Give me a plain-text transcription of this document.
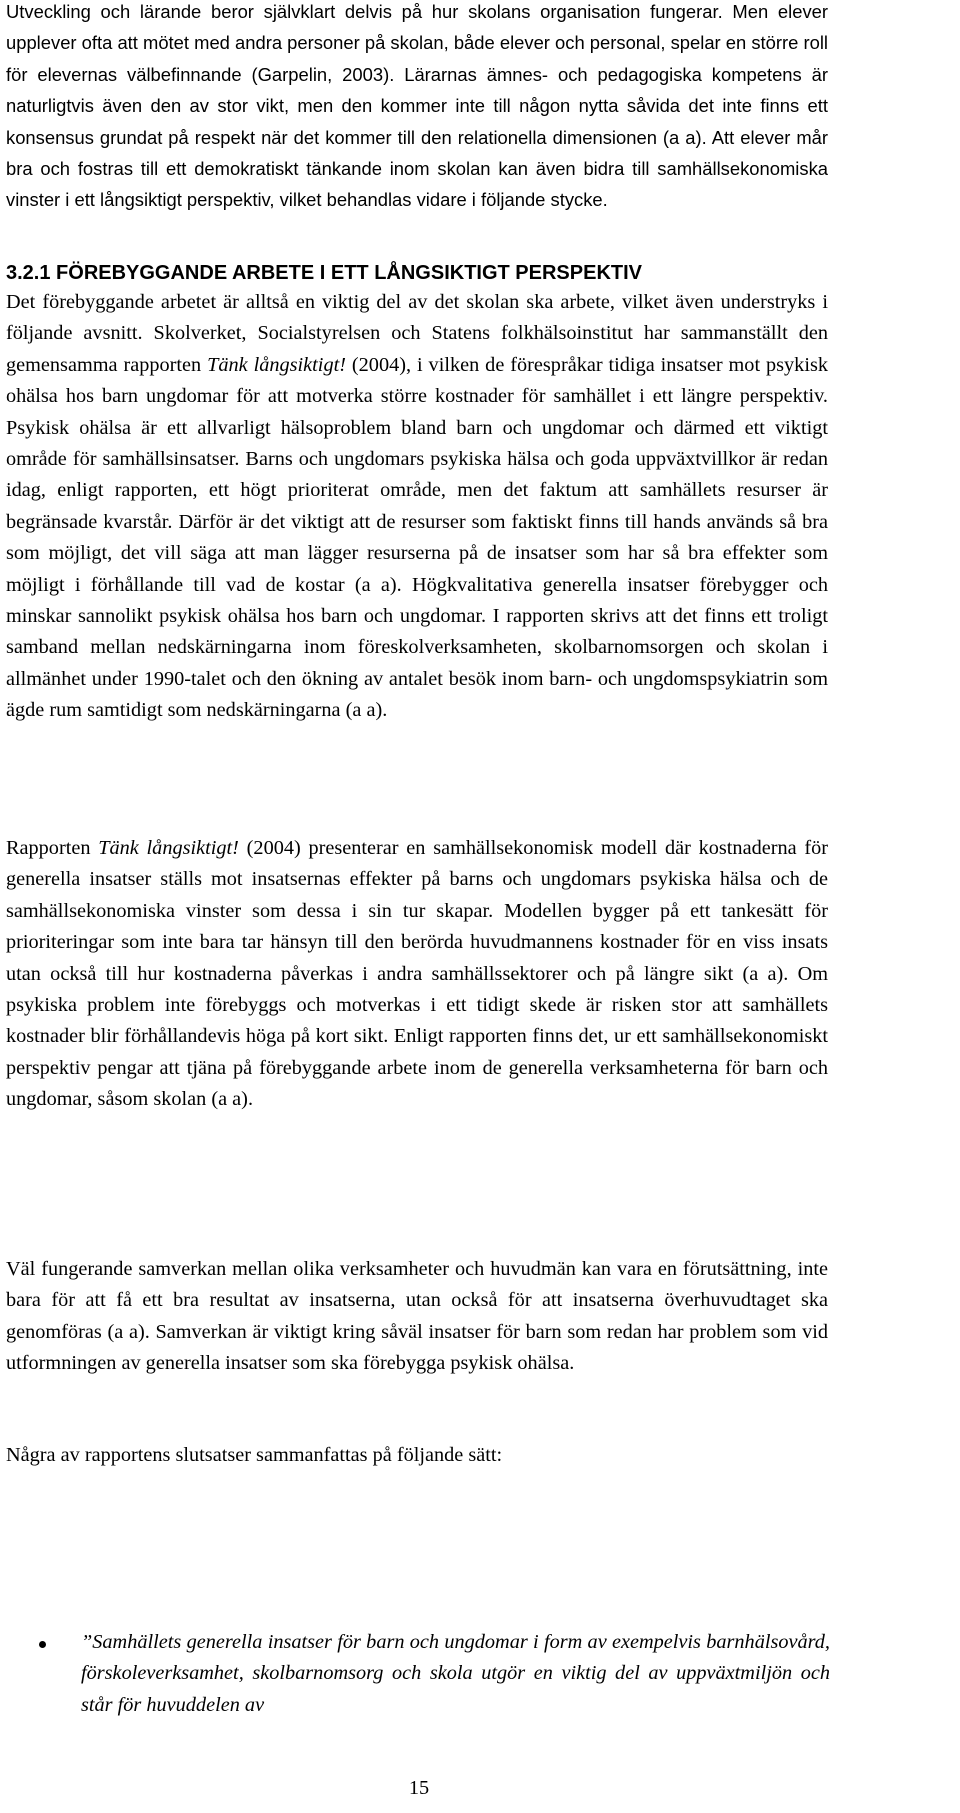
Utveckling och lärande beror självklart delvis på hur skolans organisation fungerar. Men elever upplever ofta att mötet med andra personer på skolan, både elever och personal, spelar en större roll för elevernas välbefinnande (Garpelin, 2003). Lärarnas ämnes- och pedagogiska kompetens är naturligtvis även den av stor vikt, men den kommer inte till någon nytta såvida det inte finns ett konsensus grundat på respekt när det kommer till den relationella dimensionen (a a). Att elever mår bra och fostras till ett demokratiskt tänkande inom skolan kan även bidra till samhällsekonomiska vinster i ett långsiktigt perspektiv, vilket behandlas vidare i följande stycke.

3.2.1 FÖREBYGGANDE ARBETE I ETT LÅNGSIKTIGT PERSPEKTIV

Det förebyggande arbetet är alltså en viktig del av det skolan ska arbete, vilket även understryks i följande avsnitt. Skolverket, Socialstyrelsen och Statens folkhälsoinstitut har sammanställt den gemensamma rapporten Tänk långsiktigt! (2004), i vilken de förespråkar tidiga insatser mot psykisk ohälsa hos barn ungdomar för att motverka större kostnader för samhället i ett längre perspektiv. Psykisk ohälsa är ett allvarligt hälsoproblem bland barn och ungdomar och därmed ett viktigt område för samhällsinsatser. Barns och ungdomars psykiska hälsa och goda uppväxtvillkor är redan idag, enligt rapporten, ett högt prioriterat område, men det faktum att samhällets resurser är begränsade kvarstår. Därför är det viktigt att de resurser som faktiskt finns till hands används så bra som möjligt, det vill säga att man lägger resurserna på de insatser som har så bra effekter som möjligt i förhållande till vad de kostar (a a). Högkvalitativa generella insatser förebygger och minskar sannolikt psykisk ohälsa hos barn och ungdomar. I rapporten skrivs att det finns ett troligt samband mellan nedskärningarna inom föreskolverksamheten, skolbarnomsorgen och skolan i allmänhet under 1990-talet och den ökning av antalet besök inom barn- och ungdomspsykiatrin som ägde rum samtidigt som nedskärningarna (a a).

Rapporten Tänk långsiktigt! (2004) presenterar en samhällsekonomisk modell där kostnaderna för generella insatser ställs mot insatsernas effekter på barns och ungdomars psykiska hälsa och de samhällsekonomiska vinster som dessa i sin tur skapar. Modellen bygger på ett tankesätt för prioriteringar som inte bara tar hänsyn till den berörda huvudmannens kostnader för en viss insats utan också till hur kostnaderna påverkas i andra samhällssektorer och på längre sikt (a a). Om psykiska problem inte förebyggs och motverkas i ett tidigt skede är risken stor att samhällets kostnader blir förhållandevis höga på kort sikt. Enligt rapporten finns det, ur ett samhällsekonomiskt perspektiv pengar att tjäna på förebyggande arbete inom de generella verksamheterna för barn och ungdomar, såsom skolan (a a).

Väl fungerande samverkan mellan olika verksamheter och huvudmän kan vara en förutsättning, inte bara för att få ett bra resultat av insatserna, utan också för att insatserna överhuvudtaget ska genomföras (a a). Samverkan är viktigt kring såväl insatser för barn som redan har problem som vid utformningen av generella insatser som ska förebygga psykisk ohälsa.

Några av rapportens slutsatser sammanfattas på följande sätt:

”Samhällets generella insatser för barn och ungdomar i form av exempelvis barnhälsovård, förskoleverksamhet, skolbarnomsorg och skola utgör en viktig del av uppväxtmiljön och står för huvuddelen av
15
